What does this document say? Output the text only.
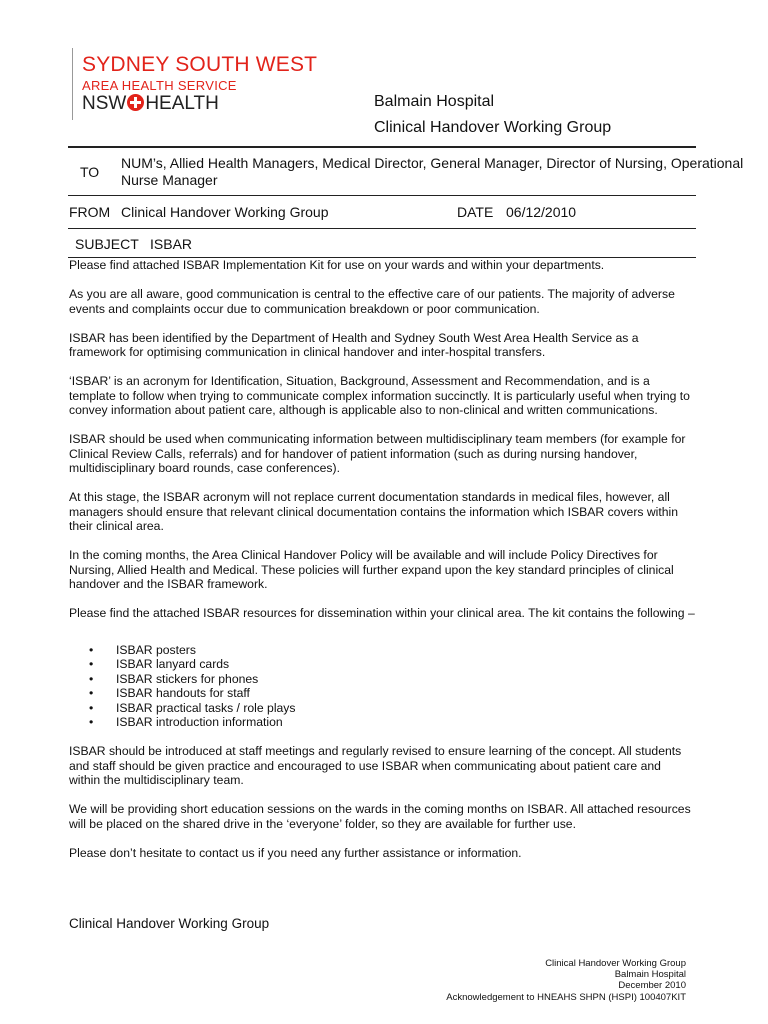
SYDNEY SOUTH WEST
AREA HEALTH SERVICE
NSW HEALTH	Balmain Hospital
Clinical Handover Working Group
TO
NUM’s, Allied Health Managers, Medical Director, General Manager, Director of Nursing, Operational
Nurse Manager
FROM Clinical Handover Working Group	DATE 06/12/2010
SUBJECT ISBAR

Please find attached ISBAR Implementation Kit for use on your wards and within your departments.

As you are all aware, good communication is central to the effective care of our patients. The majority of adverse events and complaints occur due to communication breakdown or poor communication.

ISBAR has been identified by the Department of Health and Sydney South West Area Health Service as a framework for optimising communication in clinical handover and inter-hospital transfers.

‘ISBAR’ is an acronym for Identification, Situation, Background, Assessment and Recommendation, and is a template to follow when trying to communicate complex information succinctly. It is particularly useful when trying to convey information about patient care, although is applicable also to non-clinical and written communications.

ISBAR should be used when communicating information between multidisciplinary team members (for example for Clinical Review Calls, referrals) and for handover of patient information (such as during nursing handover, multidisciplinary board rounds, case conferences).

At this stage, the ISBAR acronym will not replace current documentation standards in medical files, however, all managers should ensure that relevant clinical documentation contains the information which ISBAR covers within their clinical area.

In the coming months, the Area Clinical Handover Policy will be available and will include Policy Directives for Nursing, Allied Health and Medical. These policies will further expand upon the key standard principles of clinical handover and the ISBAR framework.

Please find the attached ISBAR resources for dissemination within your clinical area. The kit contains the following –

• ISBAR posters
• ISBAR lanyard cards
• ISBAR stickers for phones
• ISBAR handouts for staff
• ISBAR practical tasks / role plays
• ISBAR introduction information

ISBAR should be introduced at staff meetings and regularly revised to ensure learning of the concept. All students and staff should be given practice and encouraged to use ISBAR when communicating about patient care and within the multidisciplinary team.

We will be providing short education sessions on the wards in the coming months on ISBAR. All attached resources will be placed on the shared drive in the ‘everyone’ folder, so they are available for further use.

Please don’t hesitate to contact us if you need any further assistance or information.

Clinical Handover Working Group
Clinical Handover Working Group
Balmain Hospital
December 2010
Acknowledgement to HNEAHS SHPN (HSPI) 100407KIT
